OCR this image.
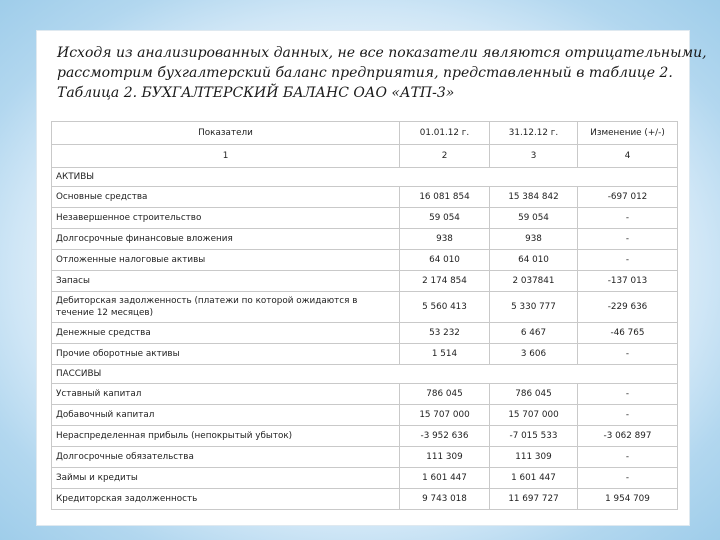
Исходя из анализированных данных, не все показатели являются отрицательными,

рассмотрим бухгалтерский баланс предприятия, представленный в таблице 2.

Таблица 2. БУХГАЛТЕРСКИЙ БАЛАНС ОАО «АТП-3»

Показатели	01.01.12 г.	31.12.12 г.	Изменение (+/-)
1	2	3	4
АКТИВЫ			
Основные средства	16 081 854	15 384 842	-697 012
Незавершенное строительство	59 054	59 054	-
Долгосрочные финансовые вложения	938	938	-
Отложенные налоговые активы	64 010	64 010	-
Запасы	2 174 854	2 037841	-137 013
Дебиторская задолженность (платежи по которой ожидаются в течение 12 месяцев)	5 560 413	5 330 777	-229 636
Денежные средства	53 232	6 467	-46 765
Прочие оборотные активы	1 514	3 606	-
ПАССИВЫ			
Уставный капитал	786 045	786 045	-
Добавочный капитал	15 707 000	15 707 000	-
Нераспределенная прибыль (непокрытый убыток)	-3 952 636	-7 015 533	-3 062 897
Долгосрочные обязательства	111 309	111 309	-
Займы и кредиты	1 601 447	1 601 447	-
Кредиторская задолженность	9 743 018	11 697 727	1 954 709
